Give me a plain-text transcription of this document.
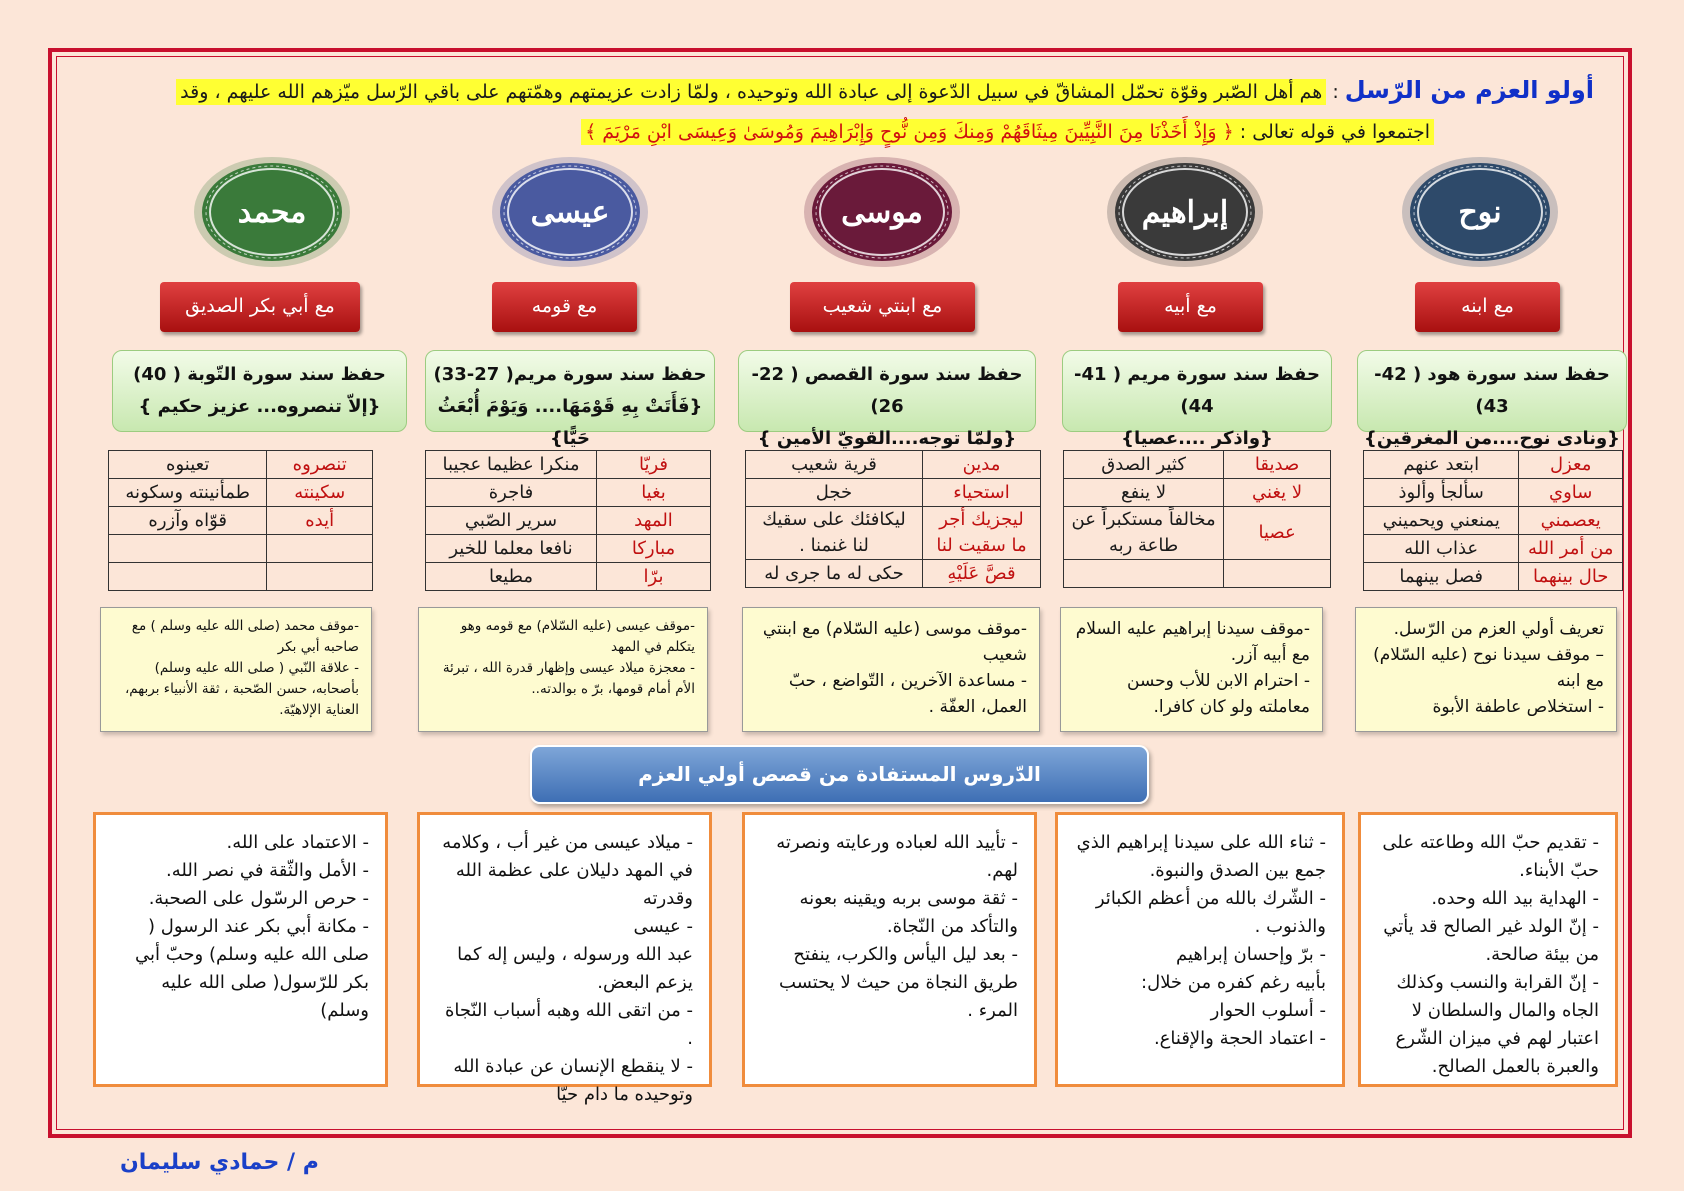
أولو العزم من الرّسل : هم أهل الصّبر وقوّة تحمّل المشاقّ في سبيل الدّعوة إلى عبادة الله وتوحيده ، ولمّا زادت عزيمتهم وهمّتهم على باقي الرّسل ميّزهم الله عليهم ، وقد
اجتمعوا في قوله تعالى : ﴿ وَإِذْ أَخَذْنَا مِنَ النَّبِيِّينَ مِيثَاقَهُمْ وَمِنكَ وَمِن نُّوحٍ وَإِبْرَاهِيمَ وَمُوسَىٰ وَعِيسَى ابْنِ مَرْيَمَ ﴾
نوح
مع ابنه
حفظ سند سورة هود ( 42-43)
{ونادى نوح....من المغرقين}
معزل	ابتعد عنهم
ساوي	سألجأ وألوذ
يعصمني	يمنعني ويحميني
من أمر الله	عذاب الله
حال بينهما	فصل بينهما
تعريف أولي العزم من الرّسل.
– موقف سيدنا نوح (عليه السّلام) مع ابنه
- استخلاص عاطفة الأبوة

- تقديم حبّ الله وطاعته على حبّ الأبناء.

- الهداية بيد الله وحده.

- إنّ الولد غير الصالح قد يأتي من بيئة صالحة.

- إنّ القرابة والنسب وكذلك الجاه والمال والسلطان لا اعتبار لهم في ميزان الشّرع والعبرة بالعمل الصالح.

إبراهيم
مع أبيه
حفظ سند سورة مريم ( 41-44)
{واذكر ....عصيا}
صديقا	كثير الصدق
لا يغني	لا ينفع
عصيا	مخالفاً مستكبراً عن طاعة ربه

-موقف سيدنا إبراهيم عليه السلام مع أبيه آزر.
- احترام الابن للأب وحسن معاملته ولو كان كافرا.

- ثناء الله على سيدنا إبراهيم الذي جمع بين الصدق والنبوة.

- الشّرك بالله من أعظم الكبائر والذنوب .

- برّ وإحسان إبراهيم

بأبيه رغم كفره من خلال:

- أسلوب الحوار

- اعتماد الحجة والإقناع.

موسى
مع ابنتي شعيب
حفظ سند سورة القصص ( 22-26)
{ولمّا توجه....القويّ الأمين }
مدين	قرية شعيب
استحياء	خجل
ليجزيك أجر ما سقيت لنا	ليكافئك على سقيك لنا غنمنا .
قصَّ عَلَيْهِ	حكى له ما جرى له
-موقف موسى (عليه السّلام) مع ابنتي شعيب
- مساعدة الآخرين ، التّواضع ، حبّ العمل، العفّة .

- تأييد الله لعباده ورعايته ونصرته لهم.

- ثقة موسى بربه ويقينه بعونه والتأكد من النّجاة.

- بعد ليل اليأس والكرب، ينفتح طريق النجاة من حيث لا يحتسب المرء .

عيسى
مع قومه
حفظ سند سورة مريم( 27-33)
{فَأَتَتْ بِهِ قَوْمَهَا.... وَيَوْمَ أُبْعَثُ حَيًّا}
فريّا	منكرا عظيما عجيبا
بغيا	فاجرة
المهد	سرير الصّبي
مباركا	نافعا معلما للخير
برّا	مطيعا
-موقف عيسى (عليه السّلام) مع قومه وهو يتكلم في المهد
- معجزة ميلاد عيسى وإظهار قدرة الله ، تبرئة الأم أمام قومها، برّ ه بوالدته..

- ميلاد عيسى من غير أب ، وكلامه في المهد دليلان على عظمة الله وقدرته

- عيسى

عبد الله ورسوله ، وليس إله كما يزعم البعض.

- من اتقى الله وهبه أسباب النّجاة .

- لا ينقطع الإنسان عن عبادة الله وتوحيده ما دام حيّا

محمد
مع أبي بكر الصديق
حفظ سند سورة التّوبة ( 40)
{إلاّ تنصروه... عزيز حكيم }
تنصروه	تعينوه
سكينته	طمأنينته وسكونه
أيده	قوّاه وآزره

-موقف محمد (صلى الله عليه وسلم ) مع صاحبه أبي بكر
- علاقة النّبي ( صلى الله عليه وسلم) بأصحابه، حسن الصّحبة ، ثقة الأنبياء بربهم، العناية الإلاهيّة.

- الاعتماد على الله.

- الأمل والثّقة في نصر الله.

- حرص الرسّول على الصحبة.

- مكانة أبي بكر عند الرسول ( صلى الله عليه وسلم) وحبّ أبي بكر للرّسول( صلى الله عليه وسلم)

الدّروس المستفادة من قصص أولي العزم
م / حمادي سليمان
